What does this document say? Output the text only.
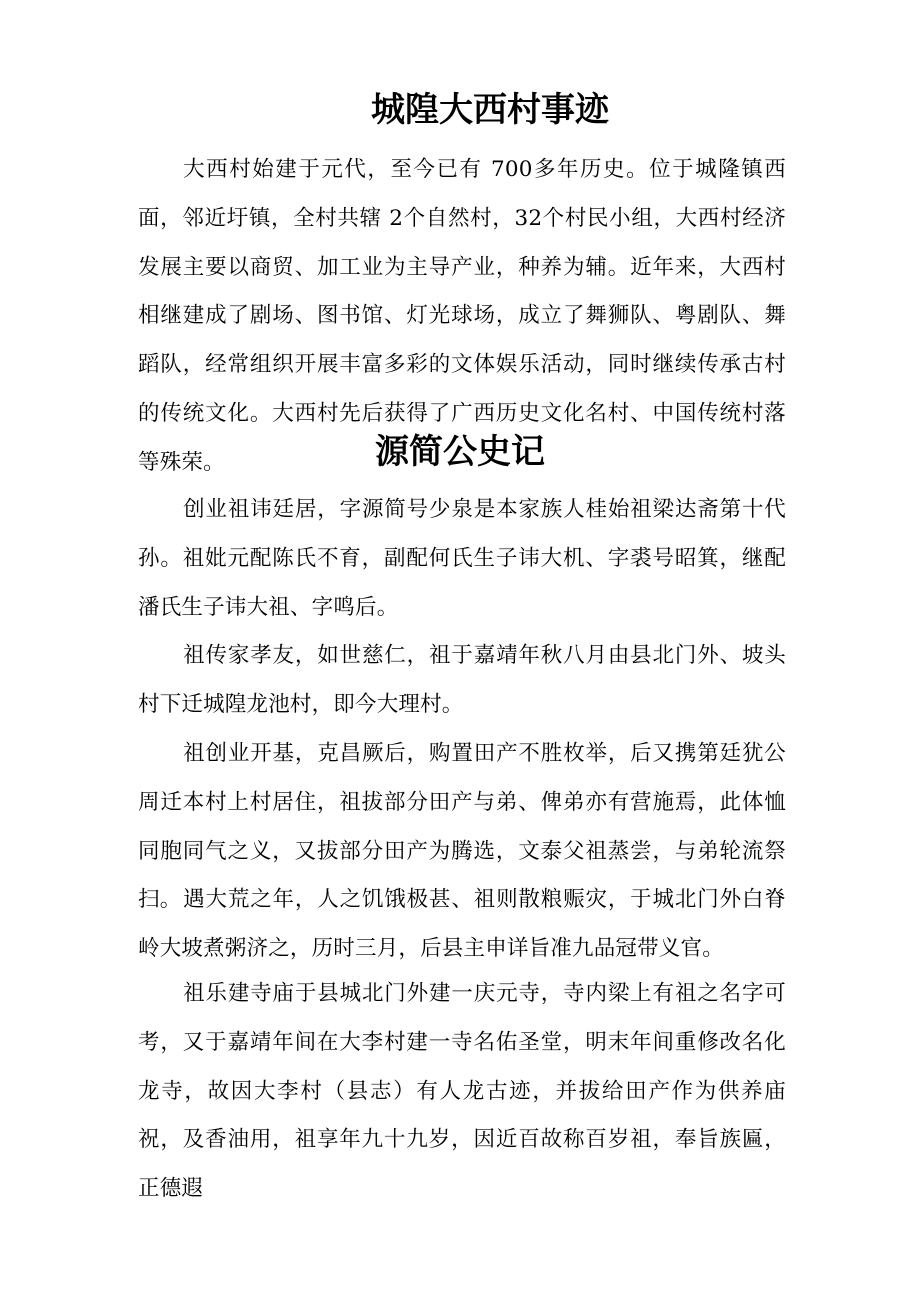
城隍大西村事迹

大西村始建于元代，至今已有 700多年历史。位于城隆镇西面，邻近圩镇，全村共辖 2个自然村，32个村民小组，大西村经济发展主要以商贸、加工业为主导产业，种养为辅。近年来，大西村相继建成了剧场、图书馆、灯光球场，成立了舞狮队、粤剧队、舞蹈队，经常组织开展丰富多彩的文体娱乐活动，同时继续传承古村的传统文化。大西村先后获得了广西历史文化名村、中国传统村落等殊荣。	源简公史记

创业祖讳廷居，字源简号少泉是本家族人桂始祖梁达斋第十代孙。祖妣元配陈氏不育，副配何氏生子讳大机、字裘号昭箕，继配潘氏生子讳大祖、字鸣后。

祖传家孝友，如世慈仁，祖于嘉靖年秋八月由县北门外、坡头村下迁城隍龙池村，即今大理村。

祖创业开基，克昌厥后，购置田产不胜枚举，后又携第廷犹公周迁本村上村居住，祖拔部分田产与弟、俾弟亦有营施焉，此体恤同胞同气之义，又拔部分田产为腾选，文泰父祖蒸尝，与弟轮流祭扫。 遇大荒之年，人之饥饿极甚、祖则散粮赈灾，于城北门外白脊岭大坡煮粥济之，历时三月，后县主申详旨准九品冠带义官。

祖乐建寺庙于县城北门外建一庆元寺，寺内梁上有祖之名字可考，又于嘉靖年间在大李村建一寺名佑圣堂，明末年间重修改名化龙寺，故因大李村（县志）有人龙古迹，并拔给田产作为供养庙祝，及香油用，祖享年九十九岁，因近百故称百岁祖，奉旨族匾，正德遐
